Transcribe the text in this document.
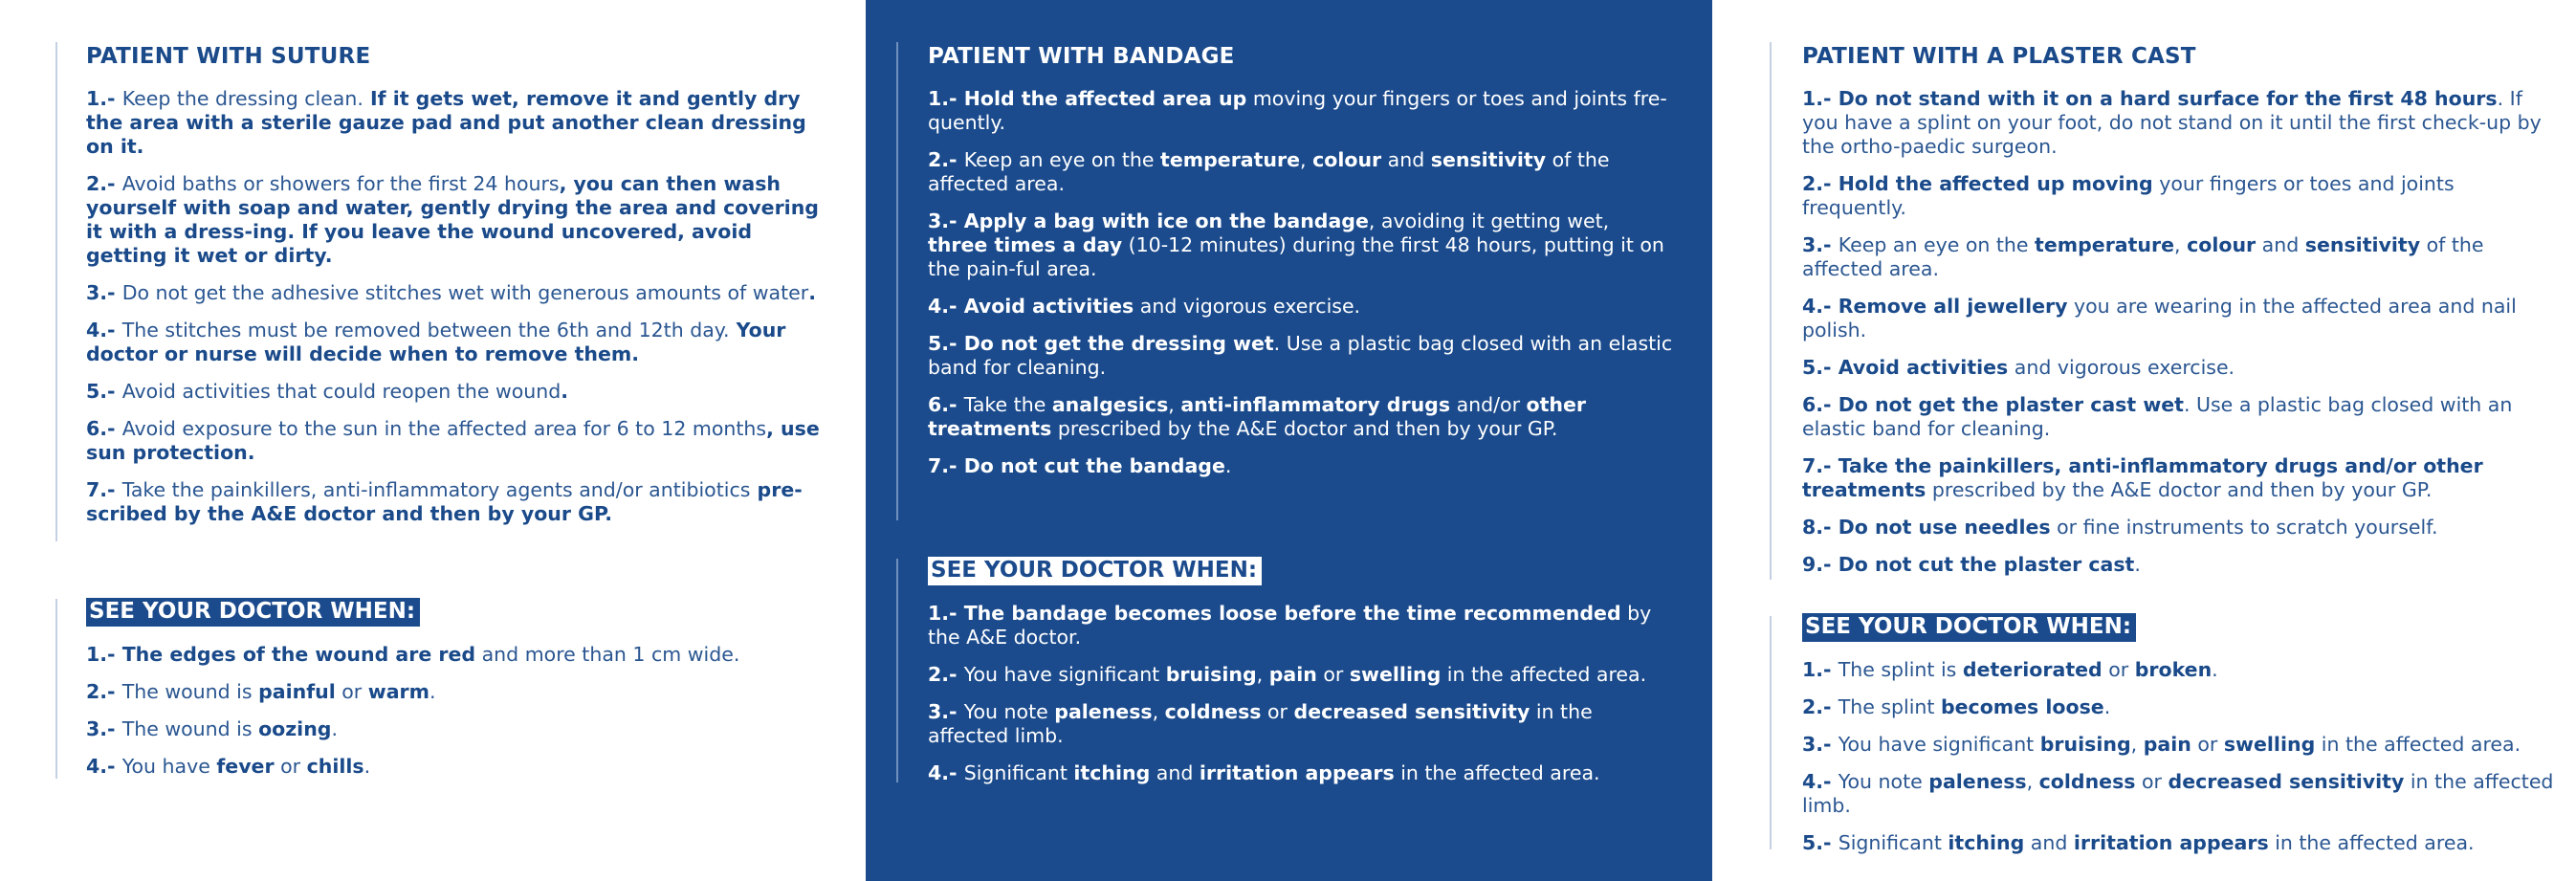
PATIENT WITH SUTURE
1.- Keep the dressing clean. If it gets wet, remove it and gently dry the area with a sterile gauze pad and put another clean dressing on it.
2.- Avoid baths or showers for the first 24 hours, you can then wash yourself with soap and water, gently drying the area and covering it with a dress-ing. If you leave the wound uncovered, avoid getting it wet or dirty.
3.- Do not get the adhesive stitches wet with generous amounts of water.
4.- The stitches must be removed between the 6th and 12th day. Your doctor or nurse will decide when to remove them.
5.- Avoid activities that could reopen the wound.
6.- Avoid exposure to the sun in the affected area for 6 to 12 months, use sun protection.
7.- Take the painkillers, anti-inflammatory agents and/or antibiotics pre-scribed by the A&E doctor and then by your GP.
SEE YOUR DOCTOR WHEN:
1.- The edges of the wound are red and more than 1 cm wide.
2.- The wound is painful or warm.
3.- The wound is oozing.
4.- You have fever or chills.
PATIENT WITH BANDAGE
1.- Hold the affected area up moving your fingers or toes and joints fre-quently.
2.- Keep an eye on the temperature, colour and sensitivity of the affected area.
3.- Apply a bag with ice on the bandage, avoiding it getting wet, three times a day (10-12 minutes) during the first 48 hours, putting it on the pain-ful area.
4.- Avoid activities and vigorous exercise.
5.- Do not get the dressing wet. Use a plastic bag closed with an elastic band for cleaning.
6.- Take the analgesics, anti-inflammatory drugs and/or other treatments prescribed by the A&E doctor and then by your GP.
7.- Do not cut the bandage.
SEE YOUR DOCTOR WHEN:
1.- The bandage becomes loose before the time recommended by the A&E doctor.
2.- You have significant bruising, pain or swelling in the affected area.
3.- You note paleness, coldness or decreased sensitivity in the affected limb.
4.- Significant itching and irritation appears in the affected area.
PATIENT WITH A PLASTER CAST
1.- Do not stand with it on a hard surface for the first 48 hours. If you have a splint on your foot, do not stand on it until the first check-up by the ortho-paedic surgeon.
2.- Hold the affected up moving your fingers or toes and joints frequently.
3.- Keep an eye on the temperature, colour and sensitivity of the affected area.
4.- Remove all jewellery you are wearing in the affected area and nail polish.
5.- Avoid activities and vigorous exercise.
6.- Do not get the plaster cast wet. Use a plastic bag closed with an elastic band for cleaning.
7.- Take the painkillers, anti-inflammatory drugs and/or other treatments prescribed by the A&E doctor and then by your GP.
8.- Do not use needles or fine instruments to scratch yourself.
9.- Do not cut the plaster cast.
SEE YOUR DOCTOR WHEN:
1.- The splint is deteriorated or broken.
2.- The splint becomes loose.
3.- You have significant bruising, pain or swelling in the affected area.
4.- You note paleness, coldness or decreased sensitivity in the affected limb.
5.- Significant itching and irritation appears in the affected area.
